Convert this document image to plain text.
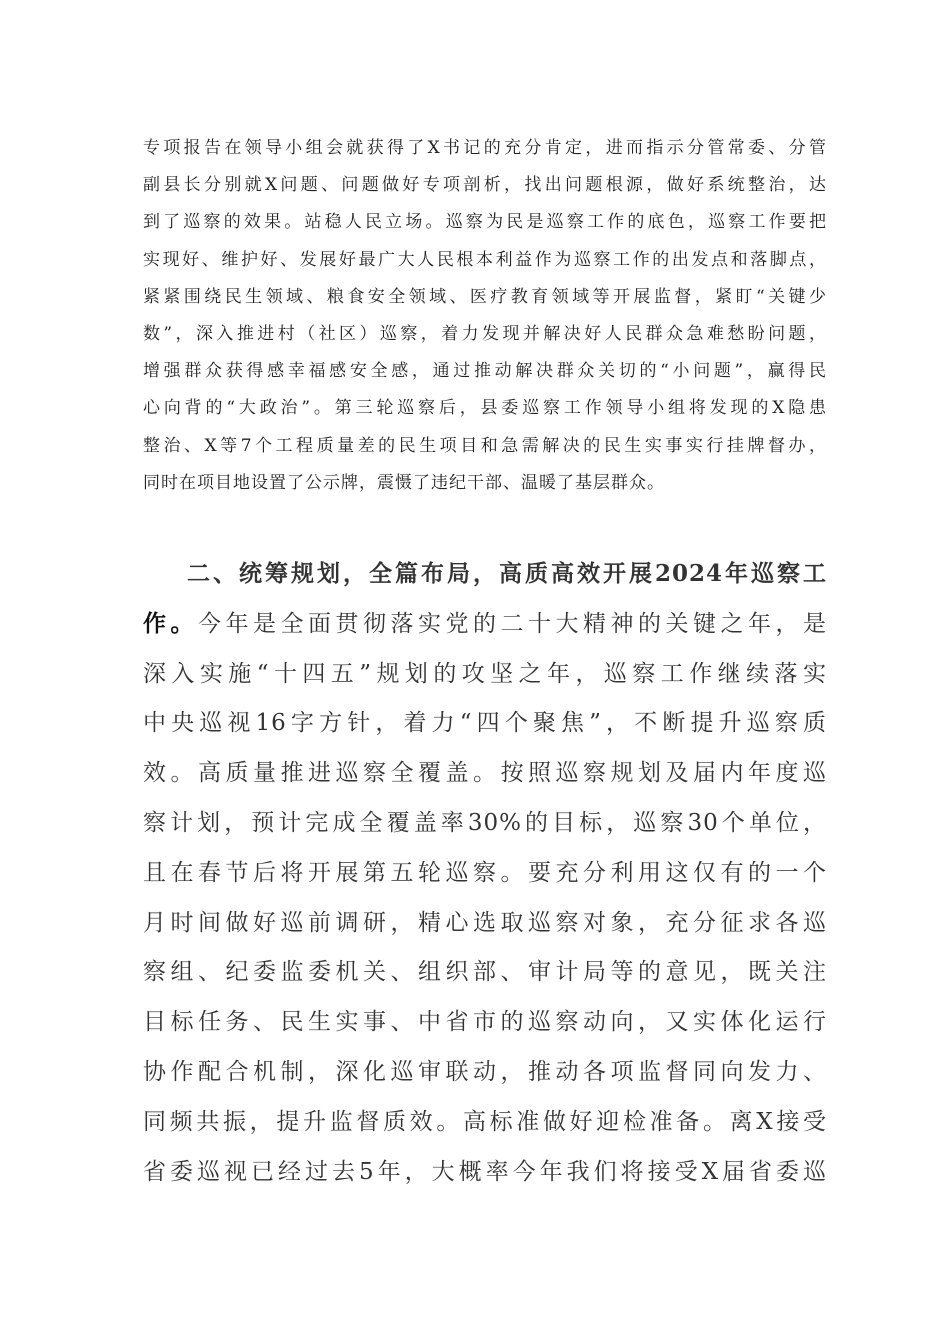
专项报告在领导小组会就获得了X书记的充分肯定，进而指示分管常委、分管
副县长分别就X问题、问题做好专项剖析，找出问题根源，做好系统整治，达
到了巡察的效果。站稳人民立场。巡察为民是巡察工作的底色，巡察工作要把
实现好、维护好、发展好最广大人民根本利益作为巡察工作的出发点和落脚点，
紧紧围绕民生领域、粮食安全领域、医疗教育领域等开展监督，紧盯“关键少
数”，深入推进村（社区）巡察，着力发现并解决好人民群众急难愁盼问题，
增强群众获得感幸福感安全感，通过推动解决群众关切的“小问题”，赢得民
心向背的“大政治”。第三轮巡察后，县委巡察工作领导小组将发现的X隐患
整治、X等7个工程质量差的民生项目和急需解决的民生实事实行挂牌督办，
同时在项目地设置了公示牌，震慑了违纪干部、温暖了基层群众。
二、统筹规划，全篇布局，高质高效开展2024年巡察工
作。今年是全面贯彻落实党的二十大精神的关键之年，是
深入实施“十四五”规划的攻坚之年，巡察工作继续落实
中央巡视16字方针，着力“四个聚焦”，不断提升巡察质
效。高质量推进巡察全覆盖。按照巡察规划及届内年度巡
察计划，预计完成全覆盖率30%的目标，巡察30个单位，
且在春节后将开展第五轮巡察。要充分利用这仅有的一个
月时间做好巡前调研，精心选取巡察对象，充分征求各巡
察组、纪委监委机关、组织部、审计局等的意见，既关注
目标任务、民生实事、中省市的巡察动向，又实体化运行
协作配合机制，深化巡审联动，推动各项监督同向发力、
同频共振，提升监督质效。高标准做好迎检准备。离X接受
省委巡视已经过去5年，大概率今年我们将接受X届省委巡
